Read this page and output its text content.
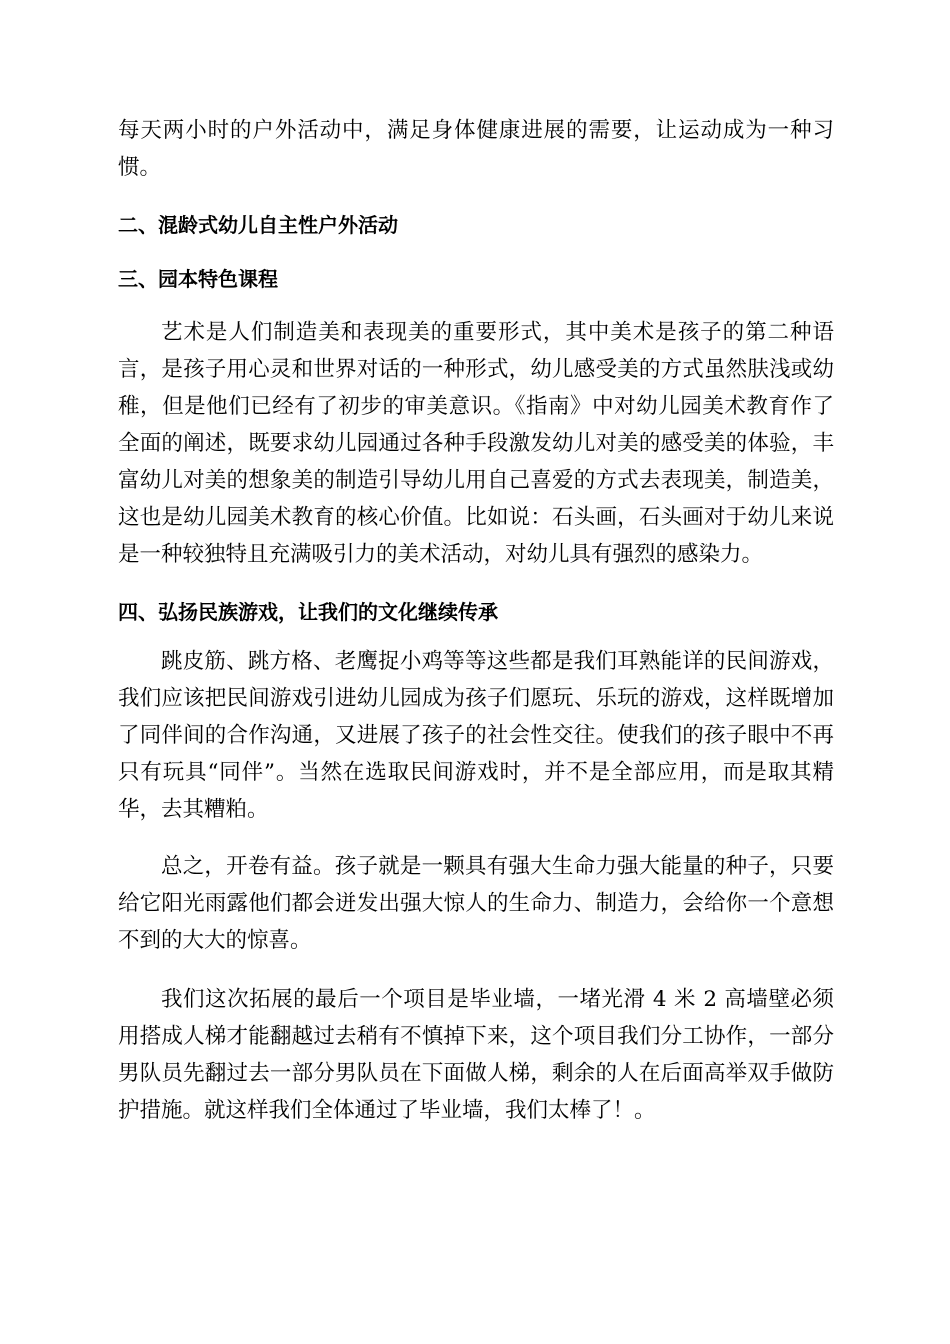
每天两小时的户外活动中，满足身体健康进展的需要，让运动成为一种习惯。

二、混龄式幼儿自主性户外活动
三、园本特色课程

艺术是人们制造美和表现美的重要形式，其中美术是孩子的第二种语言，是孩子用心灵和世界对话的一种形式，幼儿感受美的方式虽然肤浅或幼稚，但是他们已经有了初步的审美意识。《指南》中对幼儿园美术教育作了全面的阐述，既要求幼儿园通过各种手段激发幼儿对美的感受美的体验，丰富幼儿对美的想象美的制造引导幼儿用自己喜爱的方式去表现美，制造美，这也是幼儿园美术教育的核心价值。比如说：石头画，石头画对于幼儿来说是一种较独特且充满吸引力的美术活动，对幼儿具有强烈的感染力。

四、弘扬民族游戏，让我们的文化继续传承

跳皮筋、跳方格、老鹰捉小鸡等等这些都是我们耳熟能详的民间游戏，我们应该把民间游戏引进幼儿园成为孩子们愿玩、乐玩的游戏，这样既增加了同伴间的合作沟通，又进展了孩子的社会性交往。使我们的孩子眼中不再只有玩具“同伴”。当然在选取民间游戏时，并不是全部应用，而是取其精华，去其糟粕。

总之，开卷有益。孩子就是一颗具有强大生命力强大能量的种子，只要给它阳光雨露他们都会迸发出强大惊人的生命力、制造力，会给你一个意想不到的大大的惊喜。

我们这次拓展的最后一个项目是毕业墙，一堵光滑 4 米 2 高墙壁必须用搭成人梯才能翻越过去稍有不慎掉下来，这个项目我们分工协作，一部分男队员先翻过去一部分男队员在下面做人梯，剩余的人在后面高举双手做防护措施。就这样我们全体通过了毕业墙，我们太棒了！。
